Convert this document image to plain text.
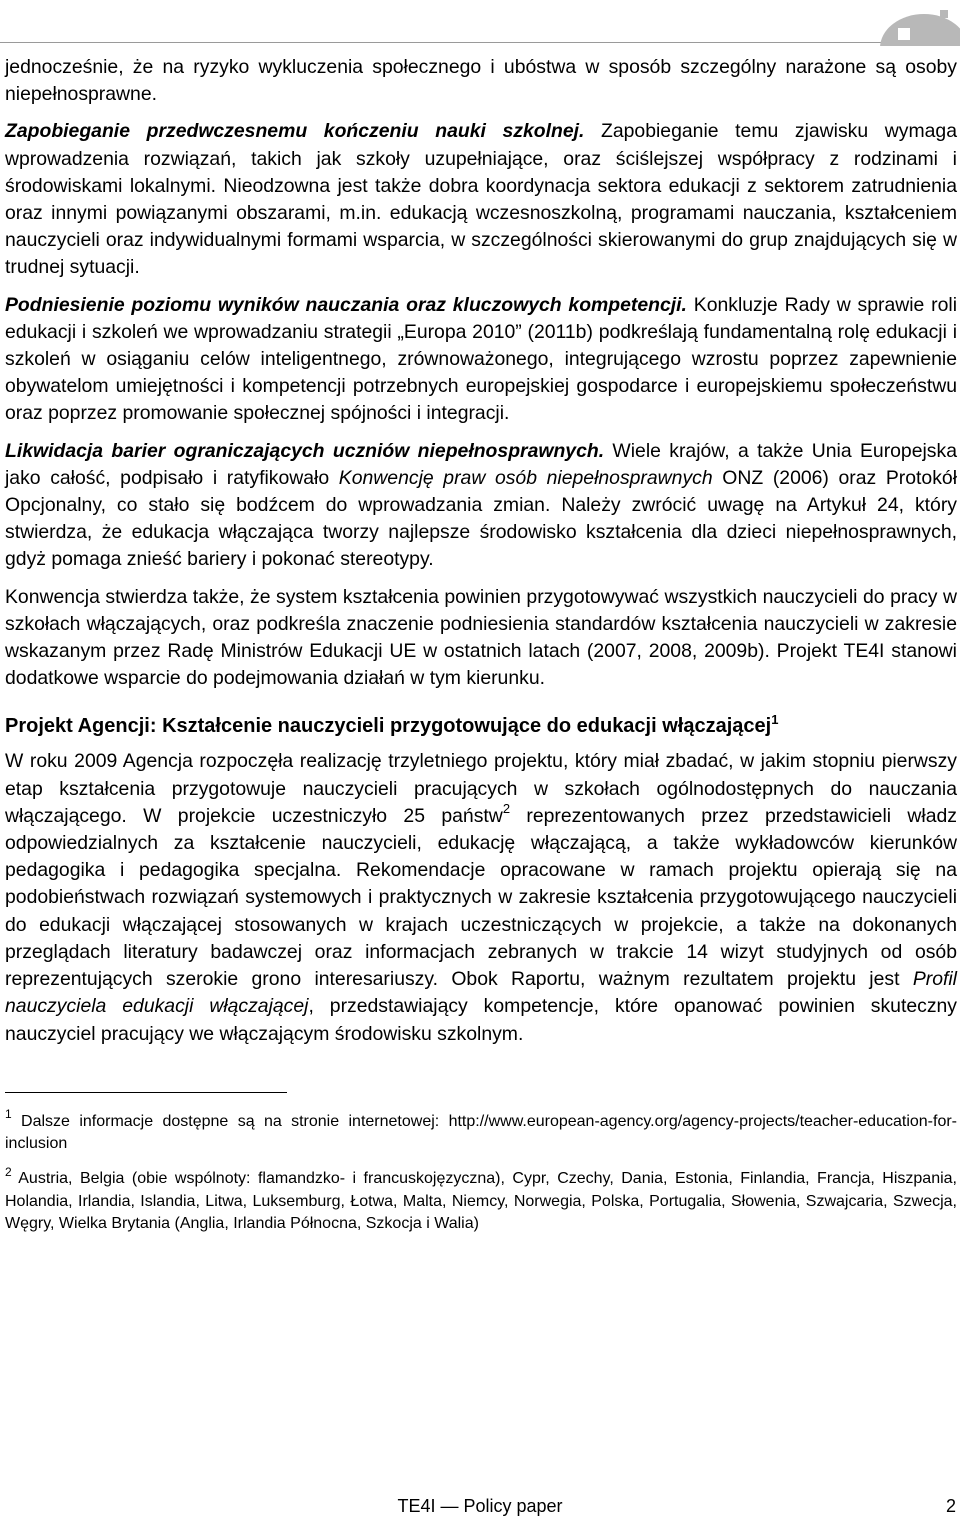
jednocześnie, że na ryzyko wykluczenia społecznego i ubóstwa w sposób szczególny narażone są osoby niepełnosprawne.

Zapobieganie przedwczesnemu kończeniu nauki szkolnej. Zapobieganie temu zjawisku wymaga wprowadzenia rozwiązań, takich jak szkoły uzupełniające, oraz ściślejszej współpracy z rodzinami i środowiskami lokalnymi. Nieodzowna jest także dobra koordynacja sektora edukacji z sektorem zatrudnienia oraz innymi powiązanymi obszarami, m.in. edukacją wczesnoszkolną, programami nauczania, kształceniem nauczycieli oraz indywidualnymi formami wsparcia, w szczególności skierowanymi do grup znajdujących się w trudnej sytuacji.

Podniesienie poziomu wyników nauczania oraz kluczowych kompetencji. Konkluzje Rady w sprawie roli edukacji i szkoleń we wprowadzaniu strategii „Europa 2010” (2011b) podkreślają fundamentalną rolę edukacji i szkoleń w osiąganiu celów inteligentnego, zrównoważonego, integrującego wzrostu poprzez zapewnienie obywatelom umiejętności i kompetencji potrzebnych europejskiej gospodarce i europejskiemu społeczeństwu oraz poprzez promowanie społecznej spójności i integracji.

Likwidacja barier ograniczających uczniów niepełnosprawnych. Wiele krajów, a także Unia Europejska jako całość, podpisało i ratyfikowało Konwencję praw osób niepełnosprawnych ONZ (2006) oraz Protokół Opcjonalny, co stało się bodźcem do wprowadzania zmian. Należy zwrócić uwagę na Artykuł 24, który stwierdza, że edukacja włączająca tworzy najlepsze środowisko kształcenia dla dzieci niepełnosprawnych, gdyż pomaga znieść bariery i pokonać stereotypy.

Konwencja stwierdza także, że system kształcenia powinien przygotowywać wszystkich nauczycieli do pracy w szkołach włączających, oraz podkreśla znaczenie podniesienia standardów kształcenia nauczycieli w zakresie wskazanym przez Radę Ministrów Edukacji UE w ostatnich latach (2007, 2008, 2009b). Projekt TE4I stanowi dodatkowe wsparcie do podejmowania działań w tym kierunku.

Projekt Agencji: Kształcenie nauczycieli przygotowujące do edukacji włączającej$^1$

W roku 2009 Agencja rozpoczęła realizację trzyletniego projektu, który miał zbadać, w jakim stopniu pierwszy etap kształcenia przygotowuje nauczycieli pracujących w szkołach ogólnodostępnych do nauczania włączającego. W projekcie uczestniczyło 25 państw$^2$ reprezentowanych przez przedstawicieli władz odpowiedzialnych za kształcenie nauczycieli, edukację włączającą, a także wykładowców kierunków pedagogika i pedagogika specjalna. Rekomendacje opracowane w ramach projektu opierają się na podobieństwach rozwiązań systemowych i praktycznych w zakresie kształcenia przygotowującego nauczycieli do edukacji włączającej stosowanych w krajach uczestniczących w projekcie, a także na dokonanych przeglądach literatury badawczej oraz informacjach zebranych w trakcie 14 wizyt studyjnych od osób reprezentujących szerokie grono interesariuszy. Obok Raportu, ważnym rezultatem projektu jest Profil nauczyciela edukacji włączającej, przedstawiający kompetencje, które opanować powinien skuteczny nauczyciel pracujący we włączającym środowisku szkolnym.

$^1$ Dalsze informacje dostępne są na stronie internetowej: http://www.european-agency.org/agency-projects/teacher-education-for-inclusion

$^2$ Austria, Belgia (obie wspólnoty: flamandzko- i francuskojęzyczna), Cypr, Czechy, Dania, Estonia, Finlandia, Francja, Hiszpania, Holandia, Irlandia, Islandia, Litwa, Luksemburg, Łotwa, Malta, Niemcy, Norwegia, Polska, Portugalia, Słowenia, Szwajcaria, Szwecja, Węgry, Wielka Brytania (Anglia, Irlandia Północna, Szkocja i Walia)

TE4I — Policy paper	2
